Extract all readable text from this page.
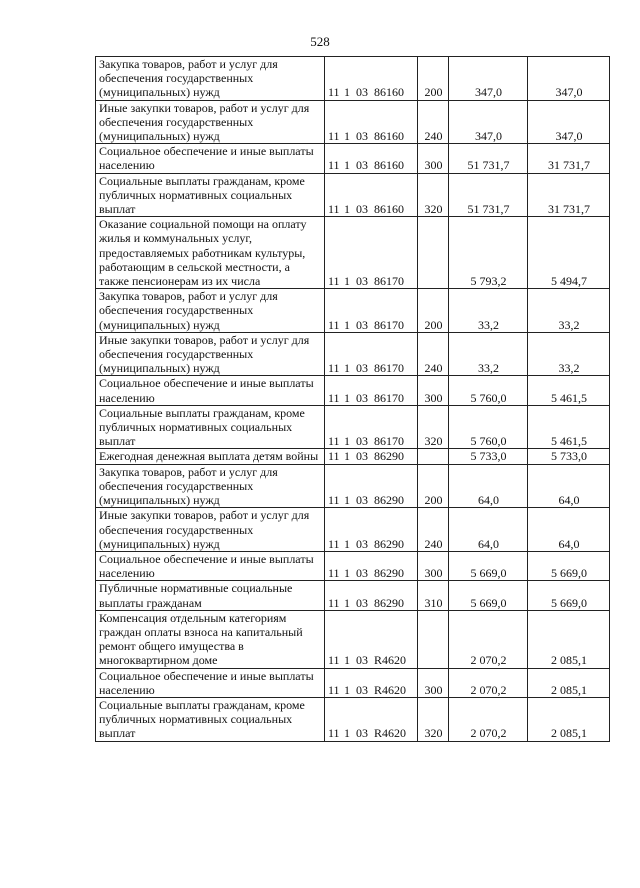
528
Закупка товаров, работ и услуг для обеспечения государственных (муниципальных) нужд	11 1 03 86160	200	347,0	347,0
Иные закупки товаров, работ и услуг для обеспечения государственных (муниципальных) нужд	11 1 03 86160	240	347,0	347,0
Социальное обеспечение и иные выплаты населению	11 1 03 86160	300	51 731,7	31 731,7
Социальные выплаты гражданам, кроме публичных нормативных социальных выплат	11 1 03 86160	320	51 731,7	31 731,7
Оказание социальной помощи на оплату жилья и коммунальных услуг, предоставляемых работникам культуры, работающим в сельской местности, а также пенсионерам из их числа	11 1 03 86170		5 793,2	5 494,7
Закупка товаров, работ и услуг для обеспечения государственных (муниципальных) нужд	11 1 03 86170	200	33,2	33,2
Иные закупки товаров, работ и услуг для обеспечения государственных (муниципальных) нужд	11 1 03 86170	240	33,2	33,2
Социальное обеспечение и иные выплаты населению	11 1 03 86170	300	5 760,0	5 461,5
Социальные выплаты гражданам, кроме публичных нормативных социальных выплат	11 1 03 86170	320	5 760,0	5 461,5
Ежегодная денежная выплата детям войны	11 1 03 86290		5 733,0	5 733,0
Закупка товаров, работ и услуг для обеспечения государственных (муниципальных) нужд	11 1 03 86290	200	64,0	64,0
Иные закупки товаров, работ и услуг для обеспечения государственных (муниципальных) нужд	11 1 03 86290	240	64,0	64,0
Социальное обеспечение и иные выплаты населению	11 1 03 86290	300	5 669,0	5 669,0
Публичные нормативные социальные выплаты гражданам	11 1 03 86290	310	5 669,0	5 669,0
Компенсация отдельным категориям граждан оплаты взноса на капитальный ремонт общего имущества в многоквартирном доме	11 1 03 R4620		2 070,2	2 085,1
Социальное обеспечение и иные выплаты населению	11 1 03 R4620	300	2 070,2	2 085,1
Социальные выплаты гражданам, кроме публичных нормативных социальных выплат	11 1 03 R4620	320	2 070,2	2 085,1
